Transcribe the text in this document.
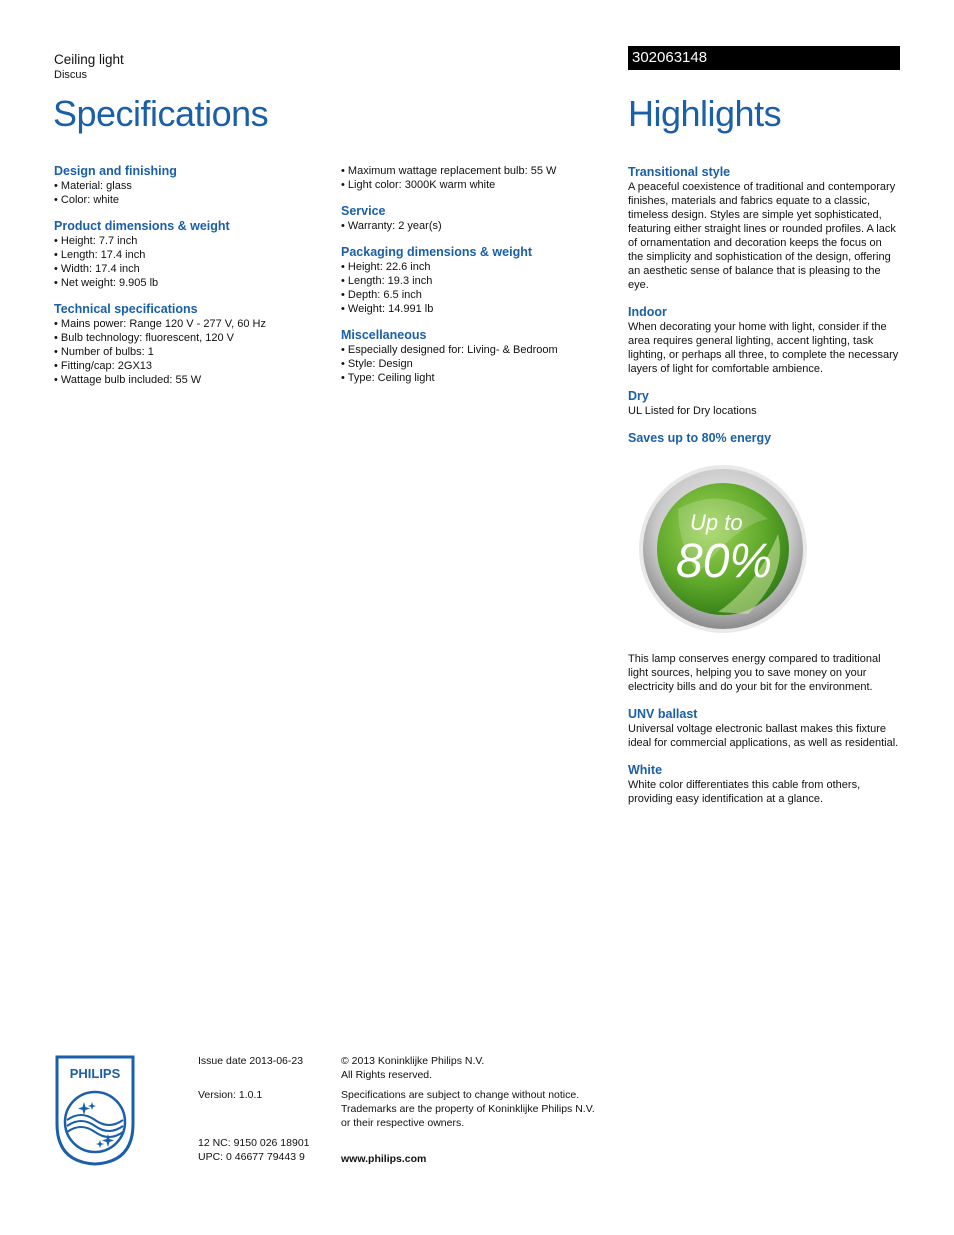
Ceiling light
Discus
Specifications
302063148
Highlights
Design and finishing
• Material: glass
• Color: white
Product dimensions & weight
• Height: 7.7 inch
• Length: 17.4 inch
• Width: 17.4 inch
• Net weight: 9.905 lb
Technical specifications
• Mains power: Range 120 V - 277 V, 60 Hz
• Bulb technology: fluorescent, 120 V
• Number of bulbs: 1
• Fitting/cap: 2GX13
• Wattage bulb included: 55 W
• Maximum wattage replacement bulb: 55 W
• Light color: 3000K warm white
Service
• Warranty: 2 year(s)
Packaging dimensions & weight
• Height: 22.6 inch
• Length: 19.3 inch
• Depth: 6.5 inch
• Weight: 14.991 lb
Miscellaneous
• Especially designed for: Living- & Bedroom
• Style: Design
• Type: Ceiling light
Transitional style
A peaceful coexistence of traditional and contemporary finishes, materials and fabrics equate to a classic, timeless design. Styles are simple yet sophisticated, featuring either straight lines or rounded profiles. A lack of ornamentation and decoration keeps the focus on the simplicity and sophistication of the design, offering an aesthetic sense of balance that is pleasing to the eye.
Indoor
When decorating your home with light, consider if the area requires general lighting, accent lighting, task lighting, or perhaps all three, to complete the necessary layers of light for comfortable ambience.
Dry
UL Listed for Dry locations
Saves up to 80% energy
This lamp conserves energy compared to traditional light sources, helping you to save money on your electricity bills and do your bit for the environment.
UNV ballast
Universal voltage electronic ballast makes this fixture ideal for commercial applications, as well as residential.
White
White color differentiates this cable from others, providing easy identification at a glance.
Up to
80%
PHILIPS
Issue date 2013-06-23
Version: 1.0.1
12 NC: 9150 026 18901
UPC: 0 46677 79443 9
© 2013 Koninklijke Philips N.V.
All Rights reserved.
Specifications are subject to change without notice.
Trademarks are the property of Koninklijke Philips N.V.
or their respective owners.
www.philips.com
